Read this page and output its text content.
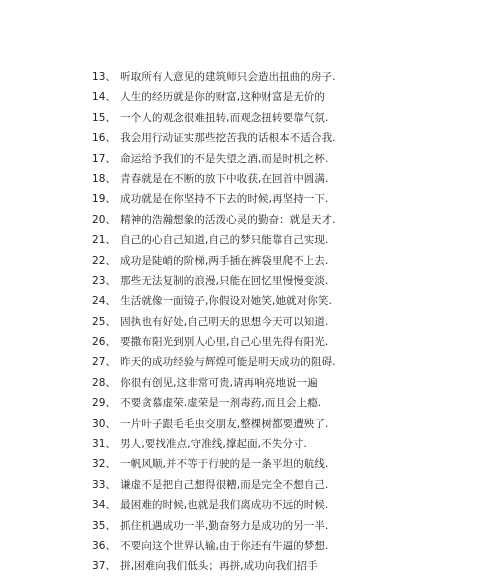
13、 听取所有人意见的建筑师只会造出扭曲的房子.
14、 人生的经历就是你的财富,这种财富是无价的
15、 一个人的观念很难扭转,而观念扭转要靠气氛.
16、 我会用行动证实那些挖苦我的话根本不适合我.
17、 命运给予我们的不是失望之酒,而是时机之杯.
18、 青春就是在不断的放下中收获,在回首中圆满.
19、 成功就是在你坚持不下去的时候,再坚持一下.
20、 精神的浩瀚想象的活泼心灵的勤奋：就是天才.
21、 自己的心自己知道,自己的梦只能靠自己实现.
22、 成功是陡峭的阶梯,两手插在裤袋里爬不上去.
23、 那些无法复制的浪漫,只能在回忆里慢慢变淡.
24、 生活就像一面镜子,你假设对她笑,她就对你笑.
25、 固执也有好处,自己明天的思想今天可以知道.
26、 要撒布阳光到别人心里,自己心里先得有阳光.
27、 昨天的成功经验与辉煌可能是明天成功的阻碍.
28、 你很有创见,这非常可贵,请再响亮地说一遍
29、 不要贪慕虚荣.虚荣是一剂毒药,而且会上瘾.
30、 一片叶子跟毛毛虫交朋友,整棵树都要遭殃了.
31、 男人,要找准点,守准线,撑起面,不失分寸.
32、 一帆风顺,并不等于行驶的是一条平坦的航线.
33、 谦虚不是把自己想得很糟,而是完全不想自己.
34、 最困难的时候,也就是我们离成功不远的时候.
35、 抓住机遇成功一半,勤奋努力是成功的另一半.
36、 不要向这个世界认输,由于你还有牛逼的梦想.
37、 拼,困难向我们低头；再拼,成功向我们招手
